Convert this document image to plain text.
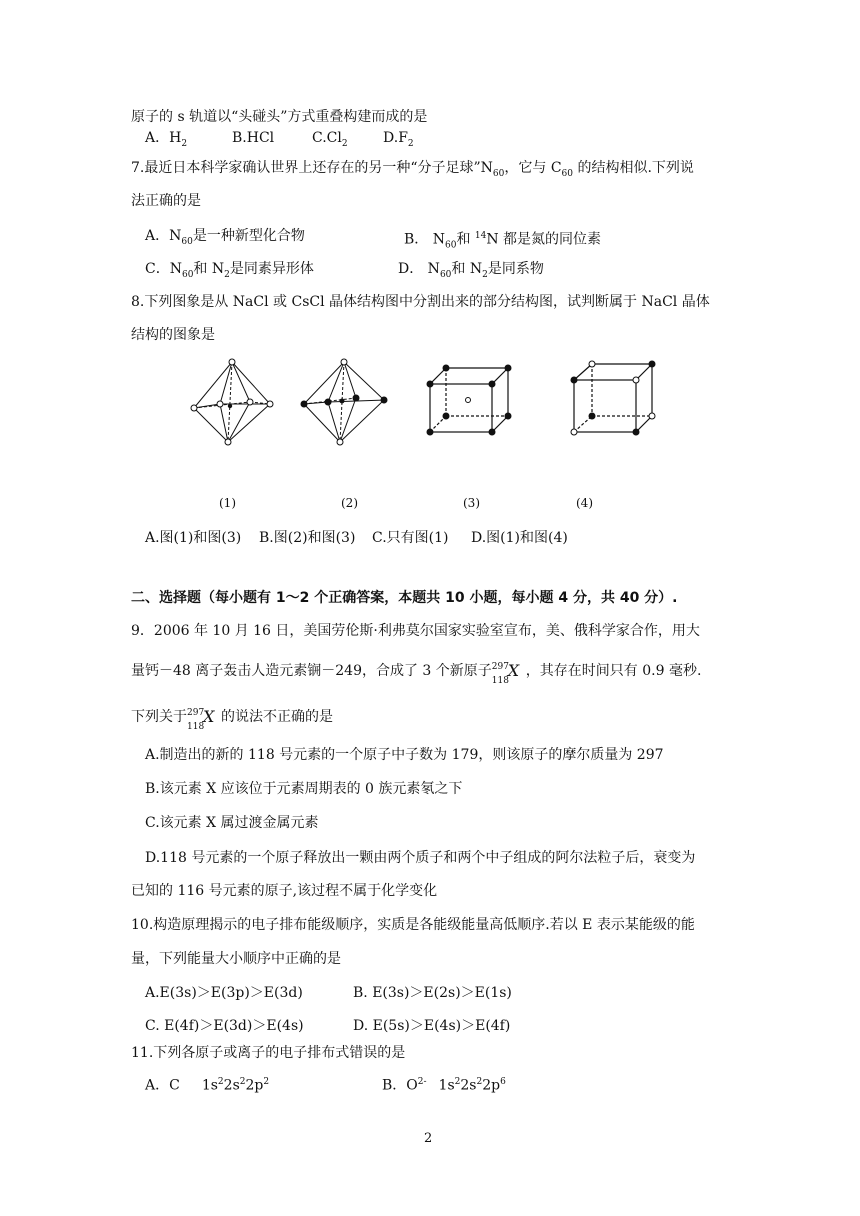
原子的 s 轨道以“头碰头”方式重叠构建而成的是
A．$H_2$	B.HCl	$C.Cl_2$	$D.F_2$
7.最近日本科学家确认世界上还存在的另一种“分子足球$”N_{60}$，它与 $C_{60}$ 的结构相似.下列说
法正确的是
A．$N_{60}$是一种新型化合物	B． $N_{60}$和 $^{14}$N 都是氮的同位素
C．$N_{60}$和 $N_2$是同素异形体	D． $N_{60}$和 $N_2$是同系物
8.下列图象是从 NaCl 或 CsCl 晶体结构图中分割出来的部分结构图，试判断属于 NaCl 晶体
结构的图象是
(1)	(2)	(3)	(4)
A.图(1)和图(3) B.图(2)和图(3) C.只有图(1) D.图(1)和图(4)
二、选择题（每小题有 1～2 个正确答案，本题共 10 小题，每小题 4 分，共 40 分）.
9．2006 年 10 月 16 日，美国劳伦斯·利弗莫尔国家实验室宣布，美、俄科学家合作，用大
量钙－48 离子轰击人造元素锎－249，合成了 3 个新原子 297
118
X ，其存在时间只有 0.9 毫秒.
下列关于 297
118
X 的说法不正确的是
A.制造出的新的 118 号元素的一个原子中子数为 179，则该原子的摩尔质量为 297
B.该元素 X 应该位于元素周期表的 0 族元素氡之下
C.该元素 X 属过渡金属元素
D.118 号元素的一个原子释放出一颗由两个质子和两个中子组成的阿尔法粒子后，衰变为
已知的 116 号元素的原子,该过程不属于化学变化
10.构造原理揭示的电子排布能级顺序，实质是各能级能量高低顺序.若以 E 表示某能级的能
量，下列能量大小顺序中正确的是
A.E(3s)＞E(3p)＞E(3d)	B. E(3s)＞E(2s)＞E(1s)
C. E(4f)＞E(3d)＞E(4s)	D. E(5s)＞E(4s)＞E(4f)
11.下列各原子或离子的电子排布式错误的是
A．C $1s^22s^22p^2$	B．$O^{2-}$ $1s^22s^22p^6$
2
